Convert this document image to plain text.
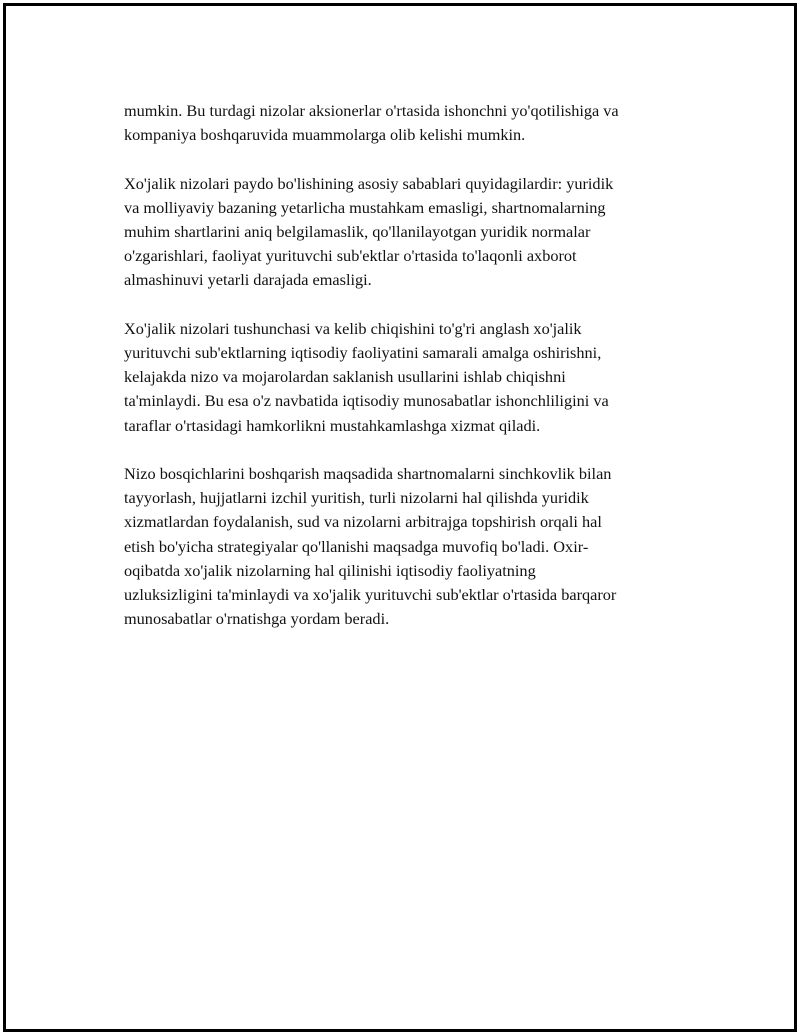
mumkin. Bu turdagi nizolar aksionerlar o'rtasida ishonchni yo'qotilishiga va
kompaniya boshqaruvida muammolarga olib kelishi mumkin.

Xo'jalik nizolari paydo bo'lishining asosiy sabablari quyidagilardir: yuridik
va molliyaviy bazaning yetarlicha mustahkam emasligi, shartnomalarning
muhim shartlarini aniq belgilamaslik, qo'llanilayotgan yuridik normalar
o'zgarishlari, faoliyat yurituvchi sub'ektlar o'rtasida to'laqonli axborot
almashinuvi yetarli darajada emasligi.

Xo'jalik nizolari tushunchasi va kelib chiqishini to'g'ri anglash xo'jalik
yurituvchi sub'ektlarning iqtisodiy faoliyatini samarali amalga oshirishni,
kelajakda nizo va mojarolardan saklanish usullarini ishlab chiqishni
ta'minlaydi. Bu esa o'z navbatida iqtisodiy munosabatlar ishonchliligini va
taraflar o'rtasidagi hamkorlikni mustahkamlashga xizmat qiladi.

Nizo bosqichlarini boshqarish maqsadida shartnomalarni sinchkovlik bilan
tayyorlash, hujjatlarni izchil yuritish, turli nizolarni hal qilishda yuridik
xizmatlardan foydalanish, sud va nizolarni arbitrajga topshirish orqali hal
etish bo'yicha strategiyalar qo'llanishi maqsadga muvofiq bo'ladi. Oxir-
oqibatda xo'jalik nizolarning hal qilinishi iqtisodiy faoliyatning
uzluksizligini ta'minlaydi va xo'jalik yurituvchi sub'ektlar o'rtasida barqaror
munosabatlar o'rnatishga yordam beradi.
